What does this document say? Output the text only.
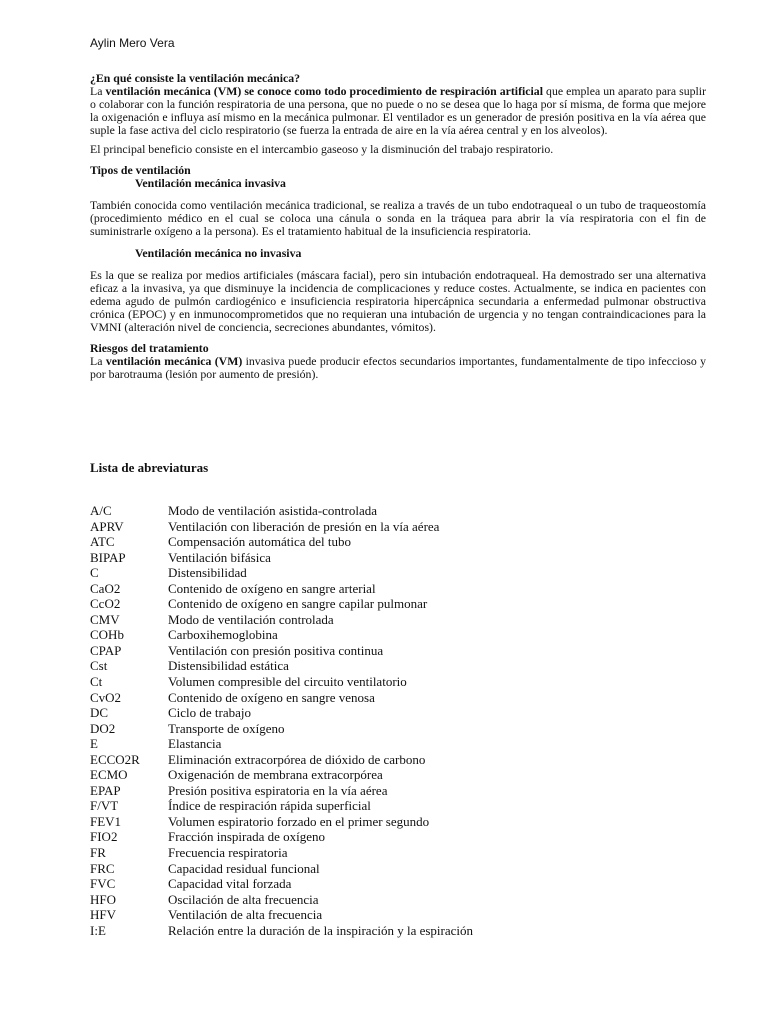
Aylin Mero Vera

¿En qué consiste la ventilación mecánica?

La ventilación mecánica (VM) se conoce como todo procedimiento de respiración artificial que emplea un aparato para suplir o colaborar con la función respiratoria de una persona, que no puede o no se desea que lo haga por sí misma, de forma que mejore la oxigenación e influya así mismo en la mecánica pulmonar. El ventilador es un generador de presión positiva en la vía aérea que suple la fase activa del ciclo respiratorio (se fuerza la entrada de aire en la vía aérea central y en los alveolos).

El principal beneficio consiste en el intercambio gaseoso y la disminución del trabajo respiratorio.

Tipos de ventilación

Ventilación mecánica invasiva

También conocida como ventilación mecánica tradicional, se realiza a través de un tubo endotraqueal o un tubo de traqueostomía (procedimiento médico en el cual se coloca una cánula o sonda en la tráquea para abrir la vía respiratoria con el fin de suministrarle oxígeno a la persona). Es el tratamiento habitual de la insuficiencia respiratoria.

Ventilación mecánica no invasiva

Es la que se realiza por medios artificiales (máscara facial), pero sin intubación endotraqueal. Ha demostrado ser una alternativa eficaz a la invasiva, ya que disminuye la incidencia de complicaciones y reduce costes. Actualmente, se indica en pacientes con edema agudo de pulmón cardiogénico e insuficiencia respiratoria hipercápnica secundaria a enfermedad pulmonar obstructiva crónica (EPOC) y en inmunocomprometidos que no requieran una intubación de urgencia y no tengan contraindicaciones para la VMNI (alteración nivel de conciencia, secreciones abundantes, vómitos).

Riesgos del tratamiento

La ventilación mecánica (VM) invasiva puede producir efectos secundarios importantes, fundamentalmente de tipo infeccioso y por barotrauma (lesión por aumento de presión).

Lista de abreviaturas
A/C	Modo de ventilación asistida-controlada
APRV	Ventilación con liberación de presión en la vía aérea
ATC	Compensación automática del tubo
BIPAP	Ventilación bifásica
C	Distensibilidad
CaO2	Contenido de oxígeno en sangre arterial
CcO2	Contenido de oxígeno en sangre capilar pulmonar
CMV	Modo de ventilación controlada
COHb	Carboxihemoglobina
CPAP	Ventilación con presión positiva continua
Cst	Distensibilidad estática
Ct	Volumen compresible del circuito ventilatorio
CvO2	Contenido de oxígeno en sangre venosa
DC	Ciclo de trabajo
DO2	Transporte de oxígeno
E	Elastancia
ECCO2R	Eliminación extracorpórea de dióxido de carbono
ECMO	Oxigenación de membrana extracorpórea
EPAP	Presión positiva espiratoria en la vía aérea
F/VT	Índice de respiración rápida superficial
FEV1	Volumen espiratorio forzado en el primer segundo
FIO2	Fracción inspirada de oxígeno
FR	Frecuencia respiratoria
FRC	Capacidad residual funcional
FVC	Capacidad vital forzada
HFO	Oscilación de alta frecuencia
HFV	Ventilación de alta frecuencia
I:E	Relación entre la duración de la inspiración y la espiración
